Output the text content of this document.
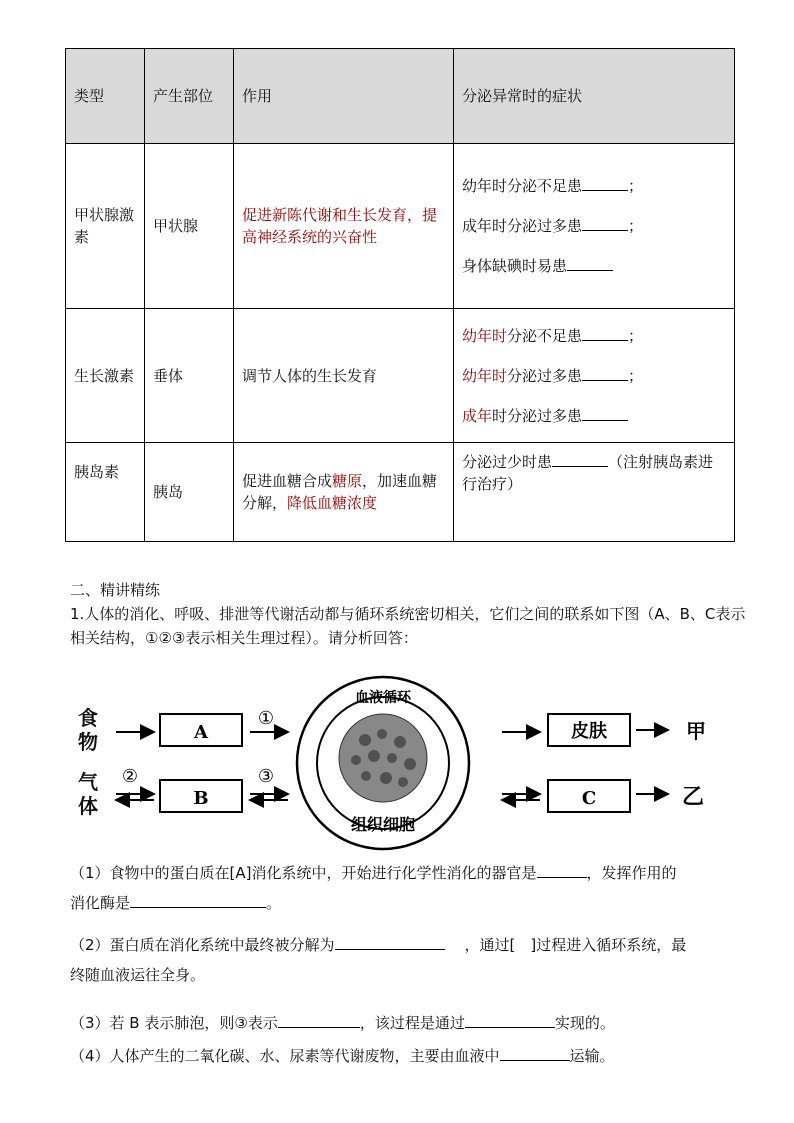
类型	产生部位	作用	分泌异常时的症状
甲状腺激素	甲状腺	促进新陈代谢和生长发育，提高神经系统的兴奋性	幼年时分泌不足患 ；
成年时分泌过多患 ；
身体缺碘时易患

生长激素	垂体	调节人体的生长发育	幼年时分泌不足患 ；
幼年时分泌过多患 ；
成年时分泌过多患

胰岛素	胰岛	促进血糖合成糖原，加速血糖分解，降低血糖浓度	分泌过少时患 （注射胰岛素进行治疗）
二、精讲精练
1.人体的消化、呼吸、排泄等代谢活动都与循环系统密切相关，它们之间的联系如下图（A、B、C表示相关结构，①②③表示相关生理过程）。请分析回答：
A
①
②
B
③
血液循环
组织细胞
皮肤	甲
C	乙
食物
气体
（1）食物中的蛋白质在[A]消化系统中，开始进行化学性消化的器官是	，发挥作用的
消化酶是	。
（2）蛋白质在消化系统中最终被分解为	，通过[　]过程进入循环系统，最
终随血液运往全身。
（3）若 B 表示肺泡，则③表示	，该过程是通过	实现的。
（4）人体产生的二氧化碳、水、尿素等代谢废物，主要由血液中	运输。
